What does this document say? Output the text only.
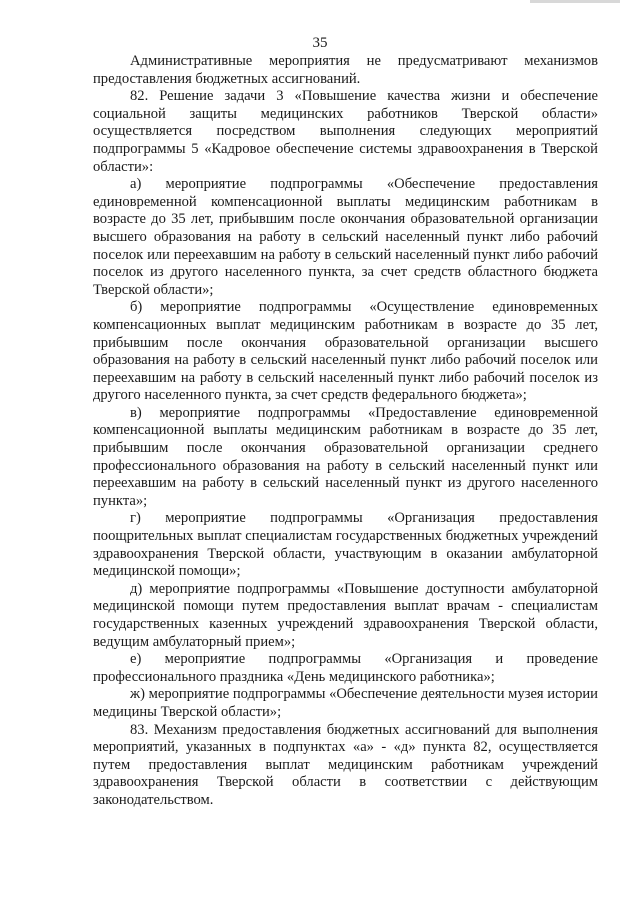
35

Административные мероприятия не предусматривают механизмов предоставления бюджетных ассигнований.

82. Решение задачи 3 «Повышение качества жизни и обеспечение социальной защиты медицинских работников Тверской области» осуществляется посредством выполнения следующих мероприятий подпрограммы 5 «Кадровое обеспечение системы здравоохранения в Тверской области»:

а) мероприятие подпрограммы «Обеспечение предоставления единовременной компенсационной выплаты медицинским работникам в возрасте до 35 лет, прибывшим после окончания образовательной организации высшего образования на работу в сельский населенный пункт либо рабочий поселок или переехавшим на работу в сельский населенный пункт либо рабочий поселок из другого населенного пункта, за счет средств областного бюджета Тверской области»;

б) мероприятие подпрограммы «Осуществление единовременных компенсационных выплат медицинским работникам в возрасте до 35 лет, прибывшим после окончания образовательной организации высшего образования на работу в сельский населенный пункт либо рабочий поселок или переехавшим на работу в сельский населенный пункт либо рабочий поселок из другого населенного пункта, за счет средств федерального бюджета»;

в) мероприятие подпрограммы «Предоставление единовременной компенсационной выплаты медицинским работникам в возрасте до 35 лет, прибывшим после окончания образовательной организации среднего профессионального образования на работу в сельский населенный пункт или переехавшим на работу в сельский населенный пункт из другого населенного пункта»;

г) мероприятие подпрограммы «Организация предоставления поощрительных выплат специалистам государственных бюджетных учреждений здравоохранения Тверской области, участвующим в оказании амбулаторной медицинской помощи»;

д) мероприятие подпрограммы «Повышение доступности амбулаторной медицинской помощи путем предоставления выплат врачам - специалистам государственных казенных учреждений здравоохранения Тверской области, ведущим амбулаторный прием»;

е) мероприятие подпрограммы «Организация и проведение профессионального праздника «День медицинского работника»;

ж) мероприятие подпрограммы «Обеспечение деятельности музея истории медицины Тверской области»;

83. Механизм предоставления бюджетных ассигнований для выполнения мероприятий, указанных в подпунктах «а» - «д» пункта 82, осуществляется путем предоставления выплат медицинским работникам учреждений здравоохранения Тверской области в соответствии с действующим законодательством.
